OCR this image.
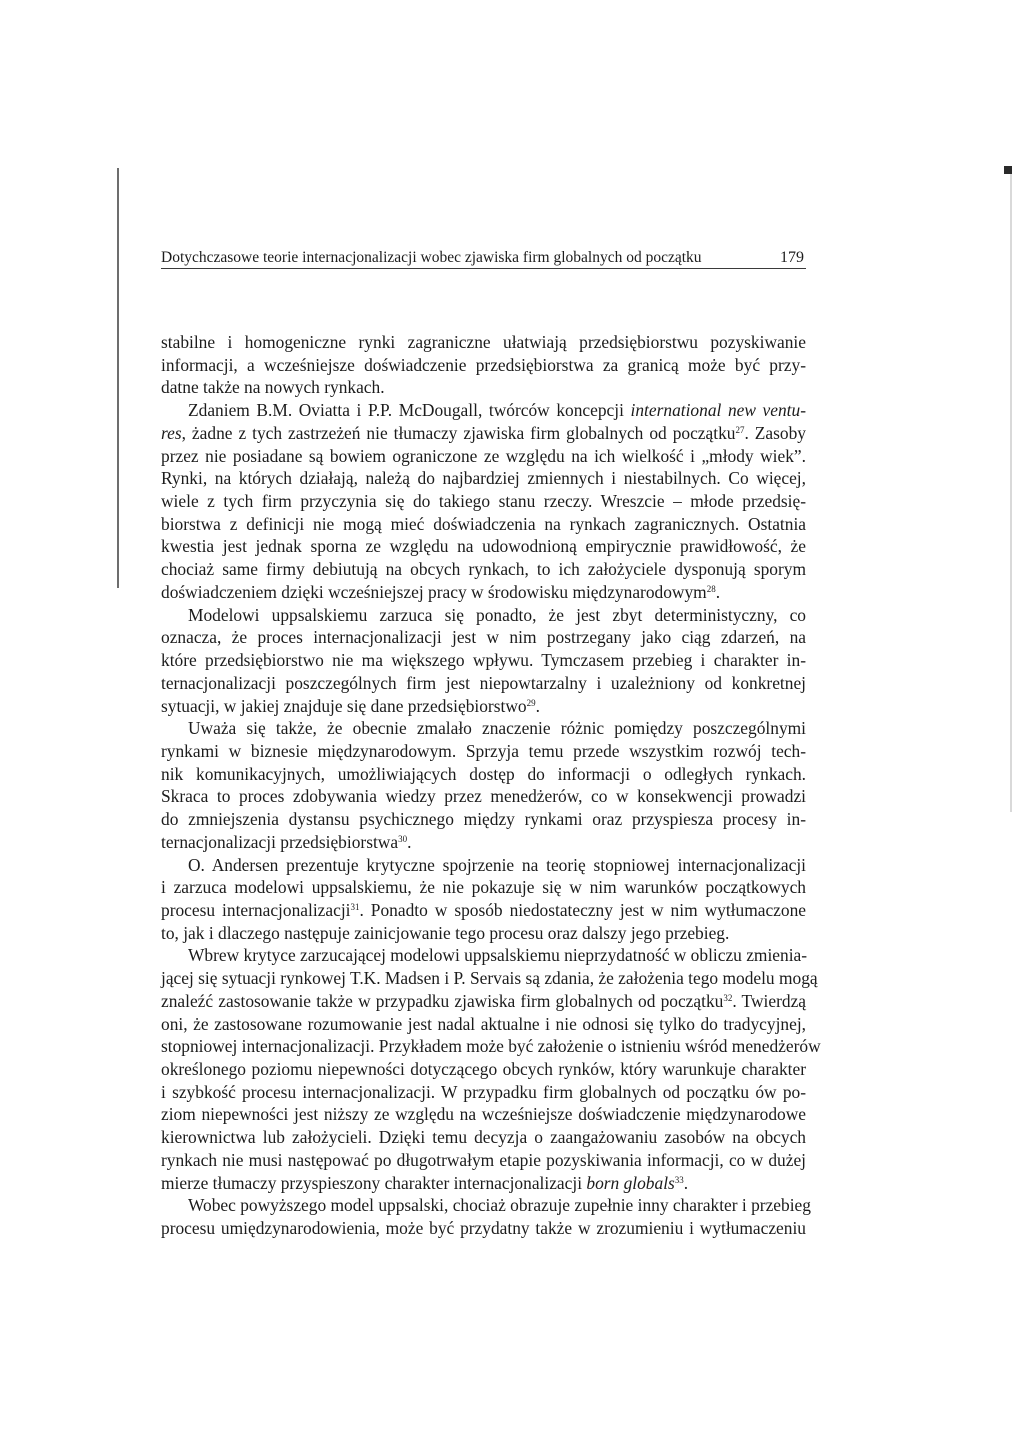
Dotychczasowe teorie internacjonalizacji wobec zjawiska firm globalnych od początku	179
stabilne i homogeniczne rynki zagraniczne ułatwiają przedsiębiorstwu pozyskiwanie
informacji, a wcześniejsze doświadczenie przedsiębiorstwa za granicą może być przy-
datne także na nowych rynkach.
Zdaniem B.M. Oviatta i P.P. McDougall, twórców koncepcji international new ventu-
res, żadne z tych zastrzeżeń nie tłumaczy zjawiska firm globalnych od początku$^{27}$. Zasoby
przez nie posiadane są bowiem ograniczone ze względu na ich wielkość i „młody wiek”.
Rynki, na których działają, należą do najbardziej zmiennych i niestabilnych. Co więcej,
wiele z tych firm przyczynia się do takiego stanu rzeczy. Wreszcie – młode przedsię-
biorstwa z definicji nie mogą mieć doświadczenia na rynkach zagranicznych. Ostatnia
kwestia jest jednak sporna ze względu na udowodnioną empirycznie prawidłowość, że
chociaż same firmy debiutują na obcych rynkach, to ich założyciele dysponują sporym
doświadczeniem dzięki wcześniejszej pracy w środowisku międzynarodowym$^{28}$.
Modelowi uppsalskiemu zarzuca się ponadto, że jest zbyt deterministyczny, co
oznacza, że proces internacjonalizacji jest w nim postrzegany jako ciąg zdarzeń, na
które przedsiębiorstwo nie ma większego wpływu. Tymczasem przebieg i charakter in-
ternacjonalizacji poszczególnych firm jest niepowtarzalny i uzależniony od konkretnej
sytuacji, w jakiej znajduje się dane przedsiębiorstwo$^{29}$.
Uważa się także, że obecnie zmalało znaczenie różnic pomiędzy poszczególnymi
rynkami w biznesie międzynarodowym. Sprzyja temu przede wszystkim rozwój tech-
nik komunikacyjnych, umożliwiających dostęp do informacji o odległych rynkach.
Skraca to proces zdobywania wiedzy przez menedżerów, co w konsekwencji prowadzi
do zmniejszenia dystansu psychicznego między rynkami oraz przyspiesza procesy in-
ternacjonalizacji przedsiębiorstwa$^{30}$.
O. Andersen prezentuje krytyczne spojrzenie na teorię stopniowej internacjonalizacji
i zarzuca modelowi uppsalskiemu, że nie pokazuje się w nim warunków początkowych
procesu internacjonalizacji$^{31}$. Ponadto w sposób niedostateczny jest w nim wytłumaczone
to, jak i dlaczego następuje zainicjowanie tego procesu oraz dalszy jego przebieg.
Wbrew krytyce zarzucającej modelowi uppsalskiemu nieprzydatność w obliczu zmienia-
jącej się sytuacji rynkowej T.K. Madsen i P. Servais są zdania, że założenia tego modelu mogą
znaleźć zastosowanie także w przypadku zjawiska firm globalnych od początku$^{32}$. Twierdzą
oni, że zastosowane rozumowanie jest nadal aktualne i nie odnosi się tylko do tradycyjnej,
stopniowej internacjonalizacji. Przykładem może być założenie o istnieniu wśród menedżerów
określonego poziomu niepewności dotyczącego obcych rynków, który warunkuje charakter
i szybkość procesu internacjonalizacji. W przypadku firm globalnych od początku ów po-
ziom niepewności jest niższy ze względu na wcześniejsze doświadczenie międzynarodowe
kierownictwa lub założycieli. Dzięki temu decyzja o zaangażowaniu zasobów na obcych
rynkach nie musi następować po długotrwałym etapie pozyskiwania informacji, co w dużej
mierze tłumaczy przyspieszony charakter internacjonalizacji born globals$^{33}$.
Wobec powyższego model uppsalski, chociaż obrazuje zupełnie inny charakter i przebieg
procesu umiędzynarodowienia, może być przydatny także w zrozumieniu i wytłumaczeniu
